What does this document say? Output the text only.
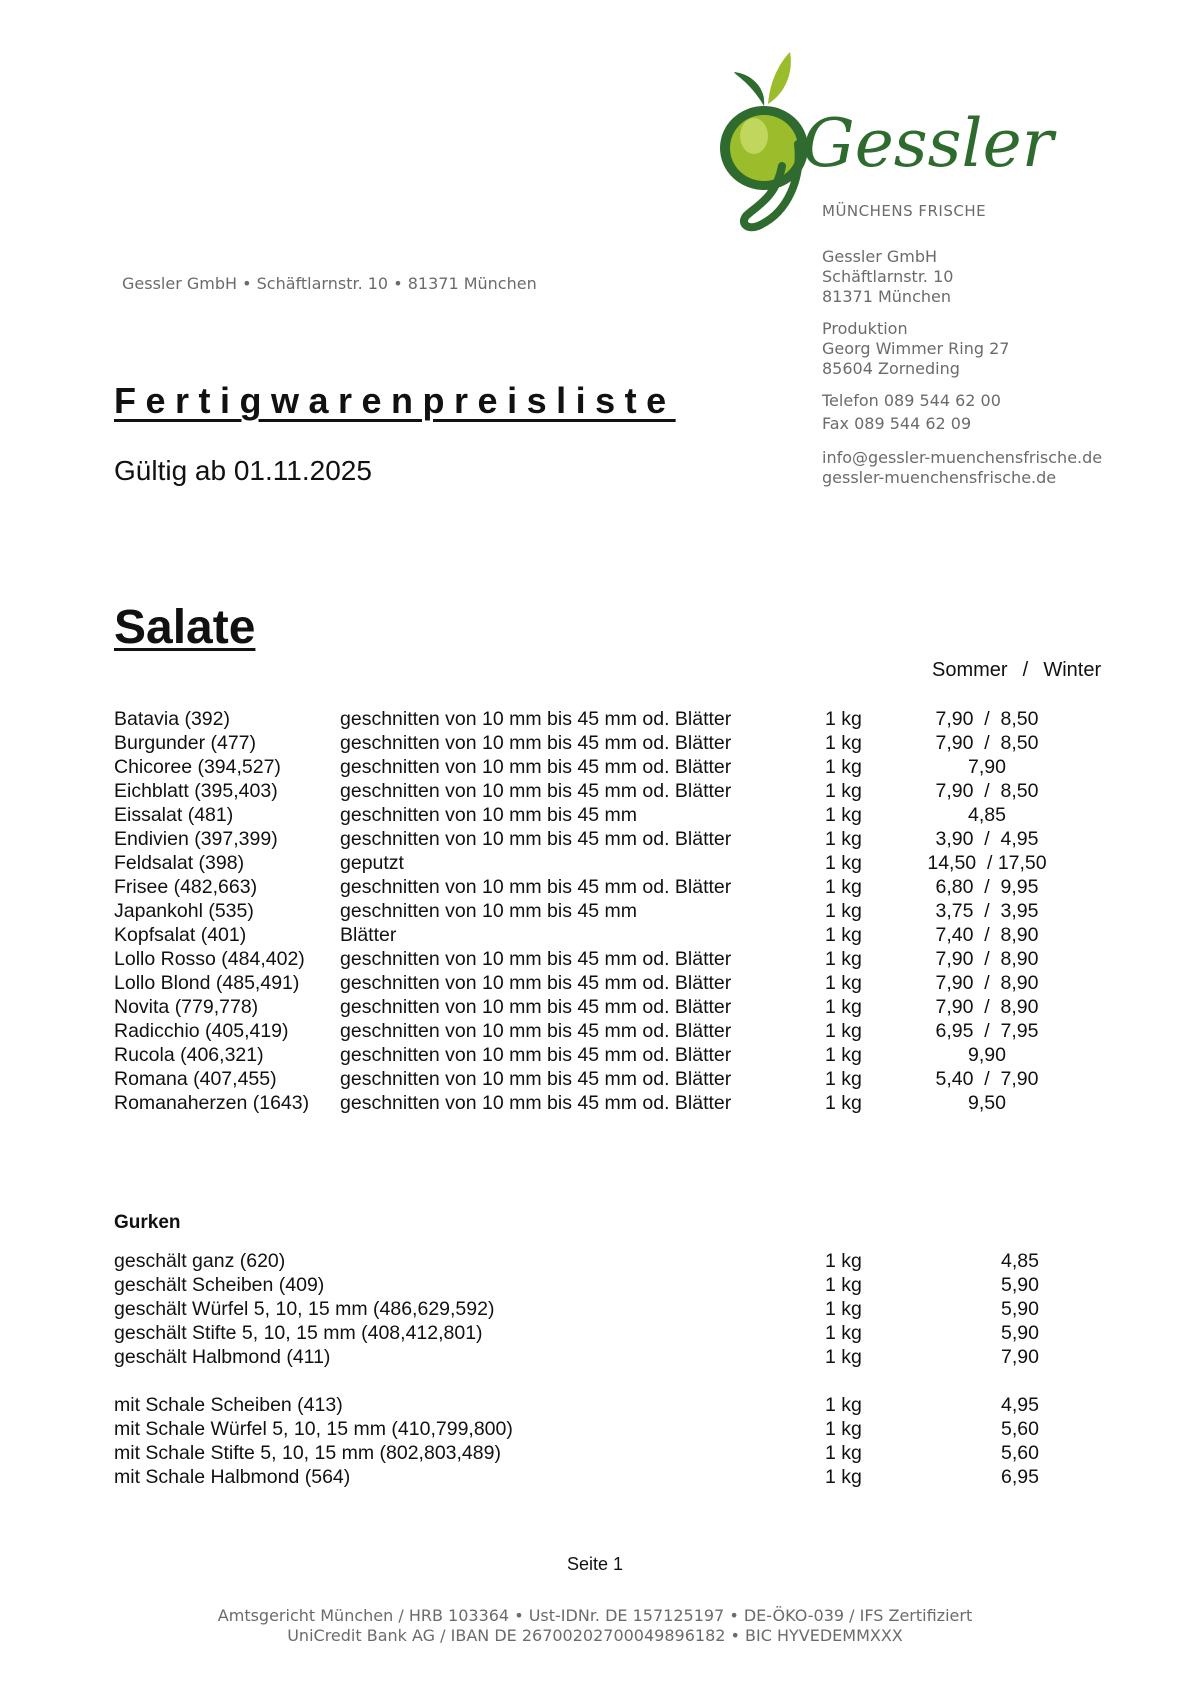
Gessler
MÜNCHENS FRISCHE
Gessler GmbH • Schäftlarnstr. 10 • 81371 München
Gessler GmbH
Schäftlarnstr. 10
81371 München
Produktion
Georg Wimmer Ring 27
85604 Zorneding
Telefon 089 544 62 00
Fax 089 544 62 09
info@gessler-muenchensfrische.de
gessler-muenchensfrische.de
Fertigwarenpreisliste
Gültig ab 01.11.2025
Salate
Sommer  /  Winter
Batavia (392)	geschnitten von 10 mm bis 45 mm od. Blätter	1 kg	7,90  /  8,50
Burgunder (477)	geschnitten von 10 mm bis 45 mm od. Blätter	1 kg	7,90  /  8,50
Chicoree (394,527)	geschnitten von 10 mm bis 45 mm od. Blätter	1 kg	7,90
Eichblatt (395,403)	geschnitten von 10 mm bis 45 mm od. Blätter	1 kg	7,90  /  8,50
Eissalat (481)	geschnitten von 10 mm bis 45 mm	1 kg	4,85
Endivien (397,399)	geschnitten von 10 mm bis 45 mm od. Blätter	1 kg	3,90  /  4,95
Feldsalat (398)	geputzt	1 kg	14,50  / 17,50
Frisee (482,663)	geschnitten von 10 mm bis 45 mm od. Blätter	1 kg	6,80  /  9,95
Japankohl (535)	geschnitten von 10 mm bis 45 mm	1 kg	3,75  /  3,95
Kopfsalat (401)	Blätter	1 kg	7,40  /  8,90
Lollo Rosso (484,402) geschnitten von 10 mm bis 45 mm od. Blätter	1 kg	7,90  /  8,90
Lollo Blond (485,491) geschnitten von 10 mm bis 45 mm od. Blätter	1 kg	7,90  /  8,90
Novita (779,778)	geschnitten von 10 mm bis 45 mm od. Blätter	1 kg	7,90  /  8,90
Radicchio (405,419)	geschnitten von 10 mm bis 45 mm od. Blätter	1 kg	6,95  /  7,95
Rucola (406,321)	geschnitten von 10 mm bis 45 mm od. Blätter	1 kg	9,90
Romana (407,455)	geschnitten von 10 mm bis 45 mm od. Blätter	1 kg	5,40  /  7,90
Romanaherzen (1643) geschnitten von 10 mm bis 45 mm od. Blätter	1 kg	9,50
Gurken
geschält ganz (620)	1 kg	4,85
geschält Scheiben (409)	1 kg	5,90
geschält Würfel 5, 10, 15 mm (486,629,592)	1 kg	5,90
geschält Stifte 5, 10, 15 mm (408,412,801)	1 kg	5,90
geschält Halbmond (411)	1 kg	7,90
mit Schale Scheiben (413)	1 kg	4,95
mit Schale Würfel 5, 10, 15 mm (410,799,800)	1 kg	5,60
mit Schale Stifte 5, 10, 15 mm (802,803,489)	1 kg	5,60
mit Schale Halbmond (564)	1 kg	6,95
Seite 1
Amtsgericht München / HRB 103364 • Ust-IDNr. DE 157125197 • DE-ÖKO-039 / IFS Zertifiziert
UniCredit Bank AG / IBAN DE 26700202700049896182 • BIC HYVEDEMMXXX
